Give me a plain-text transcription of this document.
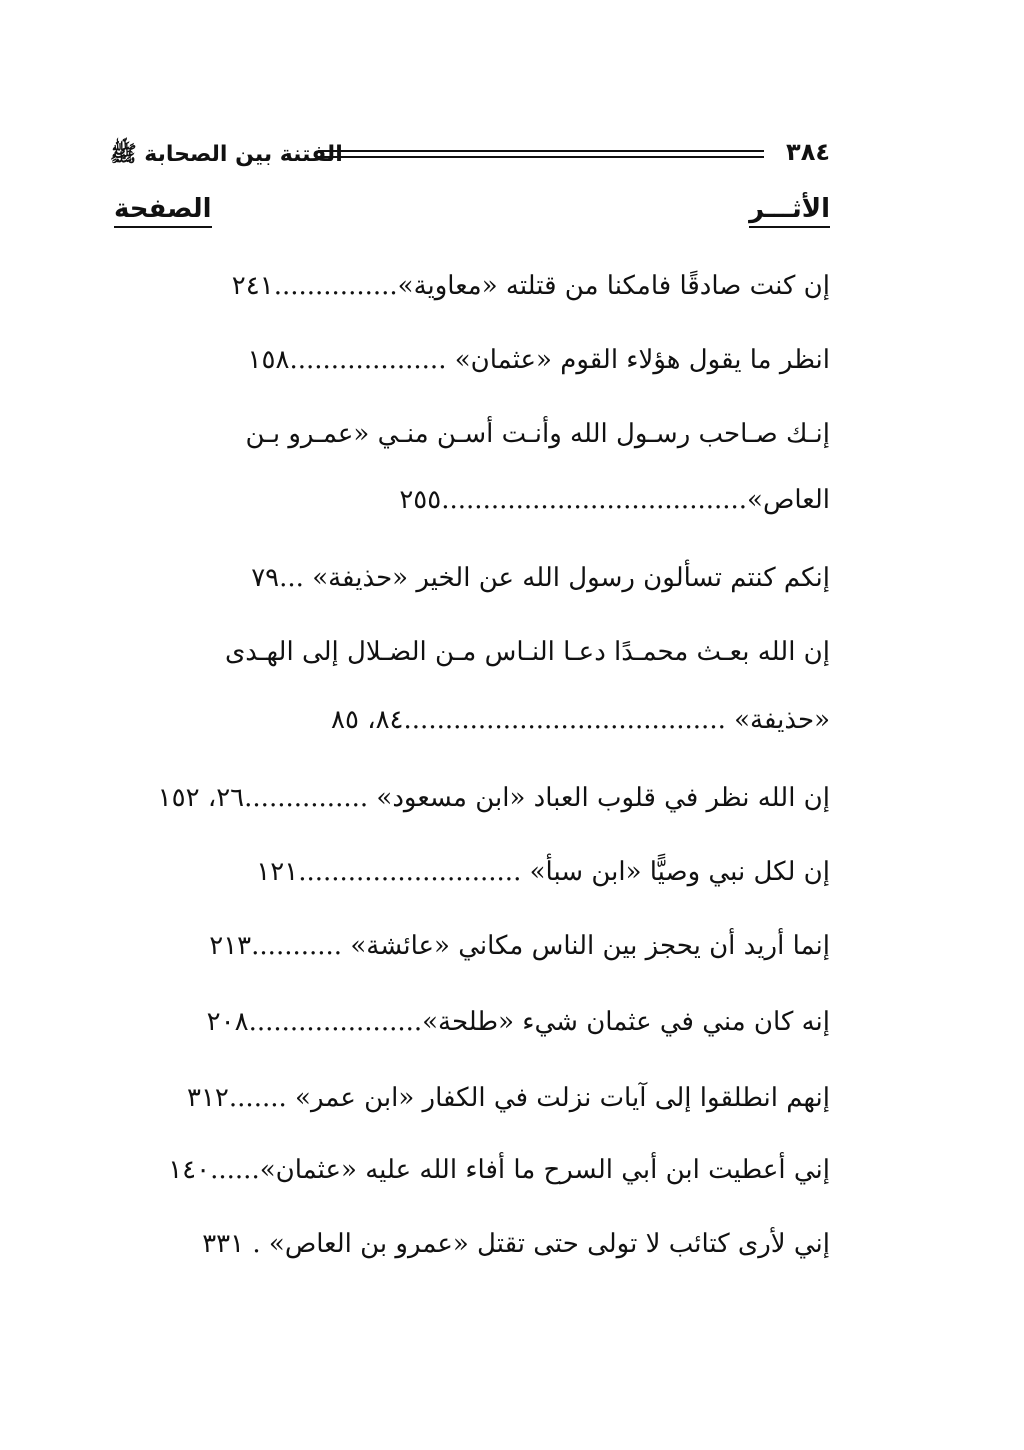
الفتنة بين الصحابة ﷺ	٣٨٤
الأثـــر
الصفحة
إن كنت صادقًا فامكنا من قتلته «معاوية»...............٢٤١
انظر ما يقول هؤلاء القوم «عثمان» ...................١٥٨
إنـك صـاحب رسـول الله وأنـت أسـن منـي «عمـرو بـن
العاص».....................................٢٥٥
إنكم كنتم تسألون رسول الله عن الخير «حذيفة» ...٧٩
إن الله بعـث محمـدًا دعـا النـاس مـن الضـلال إلى الهـدى
«حذيفة» .......................................٨٤، ٨٥
إن الله نظر في قلوب العباد «ابن مسعود» ...............٢٦، ١٥٢
إن لكل نبي وصيًّا «ابن سبأ» ...........................١٢١
إنما أريد أن يحجز بين الناس مكاني «عائشة» ...........٢١٣
إنه كان مني في عثمان شيء «طلحة».....................٢٠٨
إنهم انطلقوا إلى آيات نزلت في الكفار «ابن عمر» .......٣١٢
إني أعطيت ابن أبي السرح ما أفاء الله عليه «عثمان»......١٤٠
إني لأرى كتائب لا تولى حتى تقتل «عمرو بن العاص» . ٣٣١
